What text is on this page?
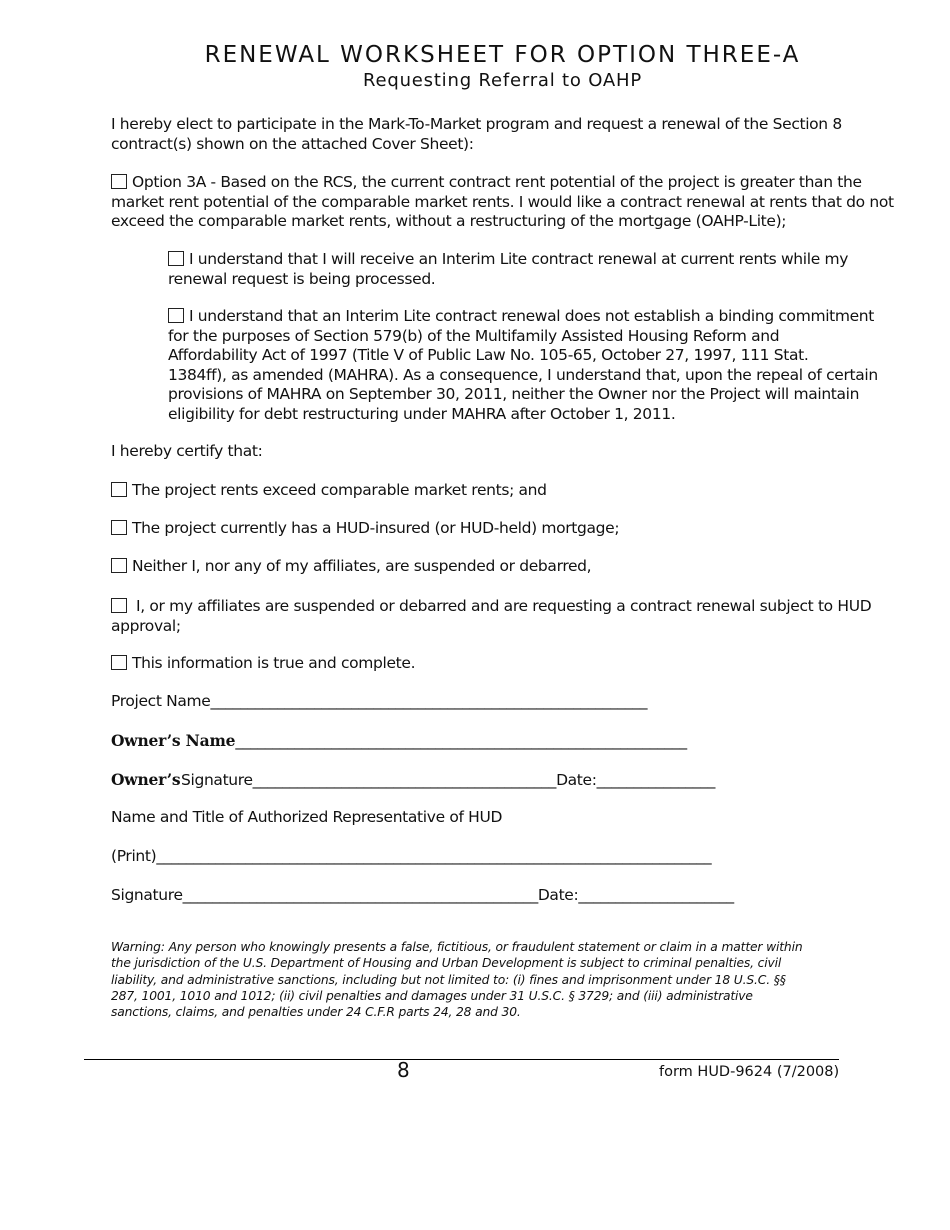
RENEWAL WORKSHEET FOR OPTION THREE-A
Requesting Referral to OAHP
I hereby elect to participate in the Mark-To-Market program and request a renewal of the Section 8
contract(s) shown on the attached Cover Sheet):
Option 3A - Based on the RCS, the current contract rent potential of the project is greater than the
market rent potential of the comparable market rents. I would like a contract renewal at rents that do not
exceed the comparable market rents, without a restructuring of the mortgage (OAHP-Lite);
I understand that I will receive an Interim Lite contract renewal at current rents while my
renewal request is being processed.
I understand that an Interim Lite contract renewal does not establish a binding commitment
for the purposes of Section 579(b) of the Multifamily Assisted Housing Reform and
Affordability Act of 1997 (Title V of Public Law No. 105-65, October 27, 1997, 111 Stat.
1384ff), as amended (MAHRA). As a consequence, I understand that, upon the repeal of certain
provisions of MAHRA on September 30, 2011, neither the Owner nor the Project will maintain
eligibility for debt restructuring under MAHRA after October 1, 2011.
I hereby certify that:
The project rents exceed comparable market rents; and
The project currently has a HUD-insured (or HUD-held) mortgage;
Neither I, nor any of my affiliates, are suspended or debarred,
I, or my affiliates are suspended or debarred and are requesting a contract renewal subject to HUD
approval;
This information is true and complete.
Project Name___________________________________________________________
Owner’s Name_____________________________________________________________
Owner’s Signature_________________________________________Date:________________
Name and Title of Authorized Representative of HUD
(Print)___________________________________________________________________________
Signature________________________________________________Date:_____________________
Warning: Any person who knowingly presents a false, fictitious, or fraudulent statement or claim in a matter within
the jurisdiction of the U.S. Department of Housing and Urban Development is subject to criminal penalties, civil
liability, and administrative sanctions, including but not limited to: (i) fines and imprisonment under 18 U.S.C. §§
287, 1001, 1010 and 1012; (ii) civil penalties and damages under 31 U.S.C. § 3729; and (iii) administrative
sanctions, claims, and penalties under 24 C.F.R parts 24, 28 and 30.
8	form HUD-9624 (7/2008)
